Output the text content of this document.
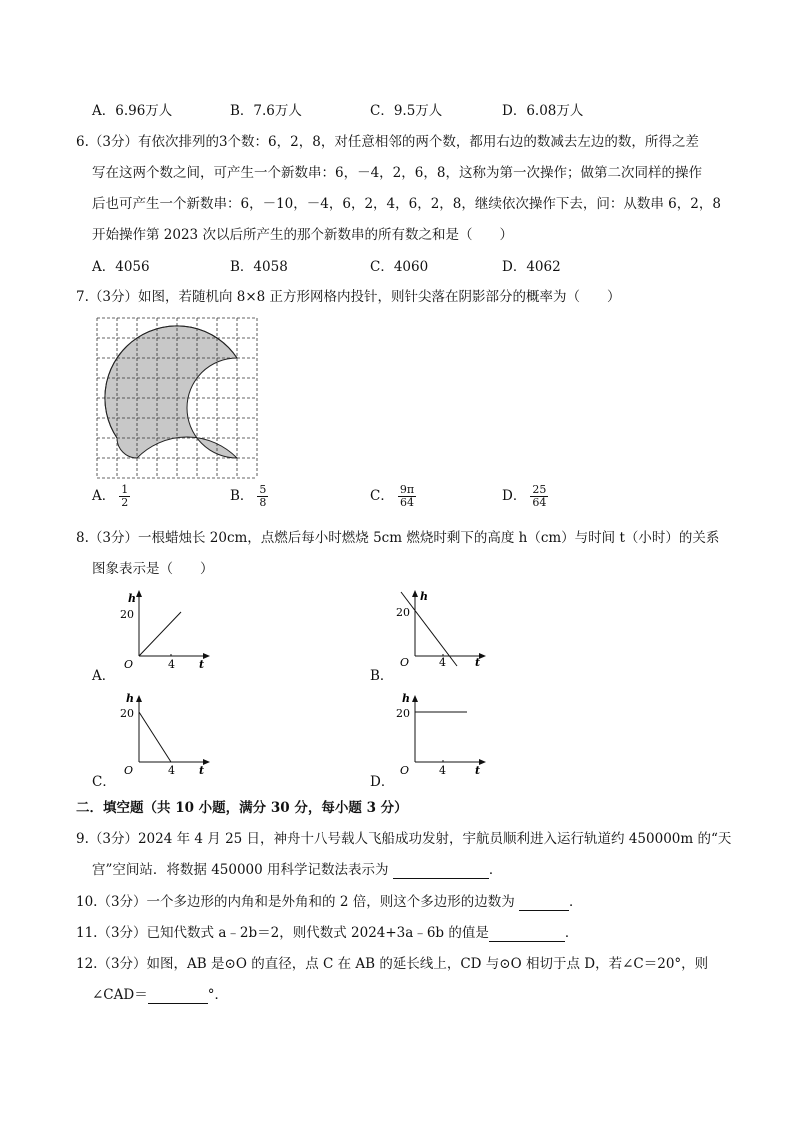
A．6.96万人	B．7.6万人	C．9.5万人	D．6.08万人
6.（3分）有依次排列的3个数：6，2，8，对任意相邻的两个数，都用右边的数减去左边的数，所得之差
写在这两个数之间，可产生一个新数串：6，－4，2，6，8，这称为第一次操作；做第二次同样的操作
后也可产生一个新数串：6，－10，－4，6，2，4，6，2，8，继续依次操作下去，问：从数串 6，2，8
开始操作第 2023 次以后所产生的那个新数串的所有数之和是（　　）
A．4056	B．4058	C．4060	D．4062
7.（3分）如图，若随机向 8×8 正方形网格内投针，则针尖落在阴影部分的概率为（　　）
A． $\frac{1}{2}$	B． $\frac{5}{8}$	C． $\frac{9\pi}{64}$	D． $\frac{25}{64}$
8.（3分）一根蜡烛长 20cm，点燃后每小时燃烧 5cm 燃烧时剩下的高度 h（cm）与时间 t（小时）的关系
图象表示是（　　）
h
20
O	4 t
A．
h
20
O	4	t
B．
h
20
O	4 t
C．
h
20
O	4	t
D．
二．填空题（共 10 小题，满分 30 分，每小题 3 分）
9.（3分）2024 年 4 月 25 日，神舟十八号载人飞船成功发射，宇航员顺利进入运行轨道约 450000m 的“天
宫”空间站．将数据 450000 用科学记数法表示为	．
10.（3分）一个多边形的内角和是外角和的 2 倍，则这个多边形的边数为	．
11.（3分）已知代数式 a﹣2b＝2，则代数式 2024+3a﹣6b 的值是	．
12.（3分）如图，AB 是⊙O 的直径，点 C 在 AB 的延长线上，CD 与⊙O 相切于点 D，若∠C＝20°，则
∠CAD＝	°．
